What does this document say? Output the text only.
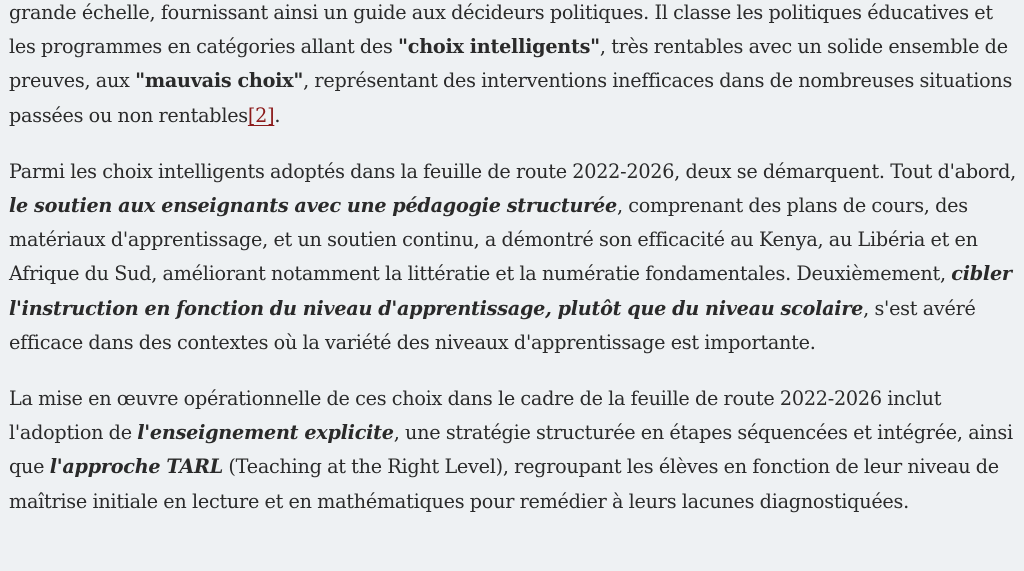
grande échelle, fournissant ainsi un guide aux décideurs politiques. Il classe les politiques éducatives et les programmes en catégories allant des "choix intelligents", très rentables avec un solide ensemble de preuves, aux "mauvais choix", représentant des interventions inefficaces dans de nombreuses situations passées ou non rentables[2].

Parmi les choix intelligents adoptés dans la feuille de route 2022-2026, deux se démarquent. Tout d'abord, le soutien aux enseignants avec une pédagogie structurée, comprenant des plans de cours, des matériaux d'apprentissage, et un soutien continu, a démontré son efficacité au Kenya, au Libéria et en Afrique du Sud, améliorant notamment la littératie et la numératie fondamentales. Deuxièmement, cibler l'instruction en fonction du niveau d'apprentissage, plutôt que du niveau scolaire, s'est avéré efficace dans des contextes où la variété des niveaux d'apprentissage est importante.

La mise en œuvre opérationnelle de ces choix dans le cadre de la feuille de route 2022-2026 inclut l'adoption de l'enseignement explicite, une stratégie structurée en étapes séquencées et intégrée, ainsi que l'approche TARL (Teaching at the Right Level), regroupant les élèves en fonction de leur niveau de maîtrise initiale en lecture et en mathématiques pour remédier à leurs lacunes diagnostiquées.
